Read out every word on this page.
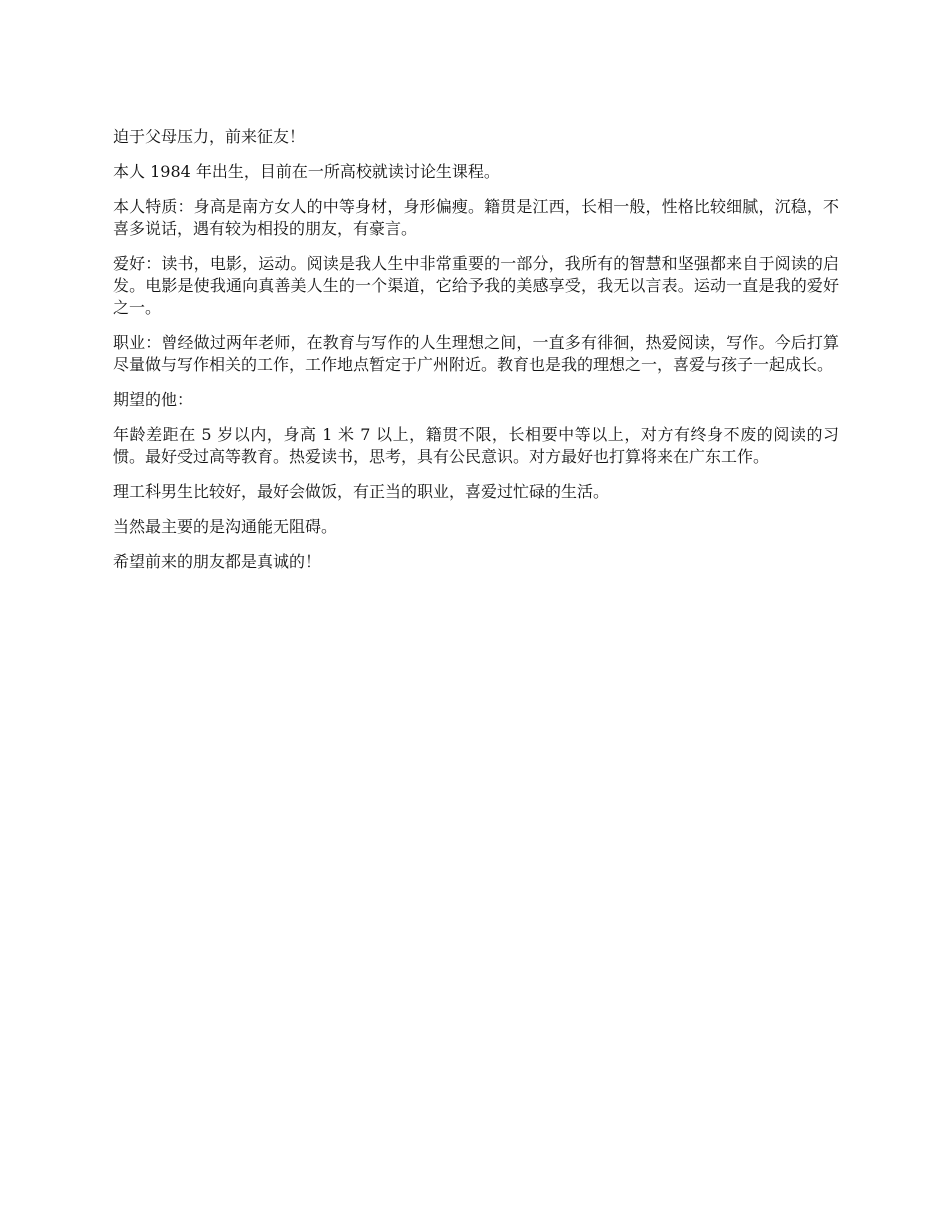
迫于父母压力，前来征友！

本人 1984 年出生，目前在一所高校就读讨论生课程。

本人特质：身高是南方女人的中等身材，身形偏瘦。籍贯是江西，长相一般，性格比较细腻，沉稳，不喜多说话，遇有较为相投的朋友，有豪言。

爱好：读书，电影，运动。阅读是我人生中非常重要的一部分，我所有的智慧和坚强都来自于阅读的启发。电影是使我通向真善美人生的一个渠道，它给予我的美感享受，我无以言表。运动一直是我的爱好之一。

职业：曾经做过两年老师，在教育与写作的人生理想之间，一直多有徘徊，热爱阅读，写作。今后打算尽量做与写作相关的工作，工作地点暂定于广州附近。教育也是我的理想之一，喜爱与孩子一起成长。

期望的他：

年龄差距在 5 岁以内，身高 1 米 7 以上，籍贯不限，长相要中等以上，对方有终身不废的阅读的习惯。最好受过高等教育。热爱读书，思考，具有公民意识。对方最好也打算将来在广东工作。

理工科男生比较好，最好会做饭，有正当的职业，喜爱过忙碌的生活。

当然最主要的是沟通能无阻碍。

希望前来的朋友都是真诚的！
